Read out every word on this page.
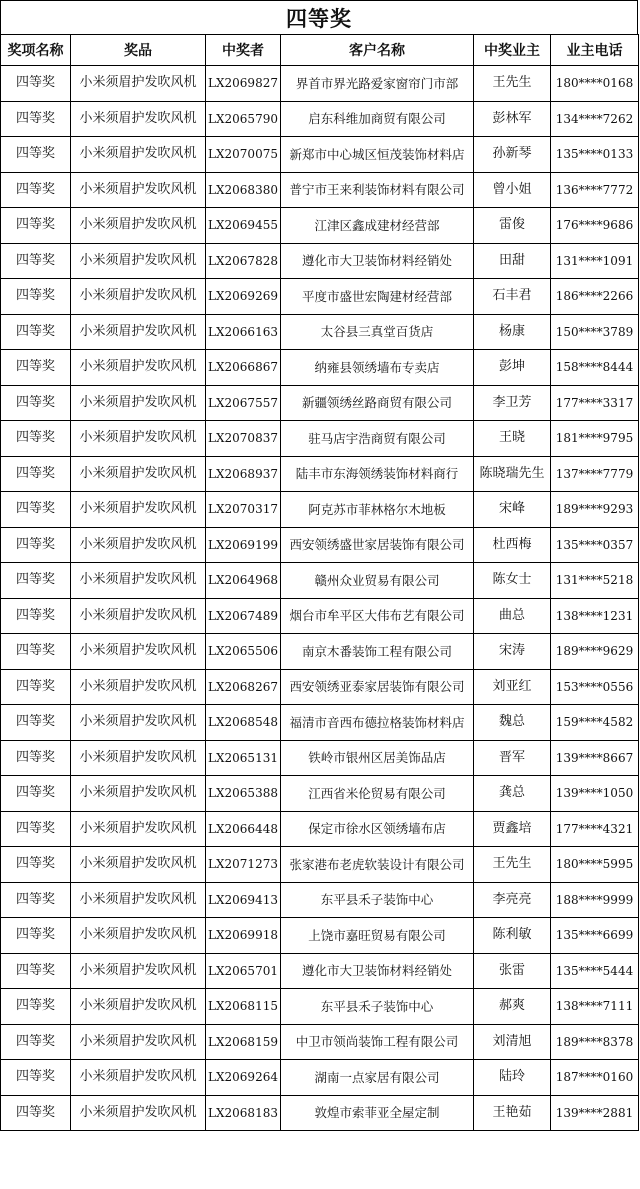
四等奖
奖项名称	奖品	中奖者	客户名称	中奖业主	业主电话
四等奖	小米须眉护发吹风机	LX2069827	界首市界光路爱家窗帘门市部	王先生	180****0168
四等奖	小米须眉护发吹风机	LX2065790	启东科维加商贸有限公司	彭林军	134****7262
四等奖	小米须眉护发吹风机	LX2070075	新郑市中心城区恒茂装饰材料店	孙新琴	135****0133
四等奖	小米须眉护发吹风机	LX2068380	普宁市王来利装饰材料有限公司	曾小姐	136****7772
四等奖	小米须眉护发吹风机	LX2069455	江津区鑫成建材经营部	雷俊	176****9686
四等奖	小米须眉护发吹风机	LX2067828	遵化市大卫装饰材料经销处	田甜	131****1091
四等奖	小米须眉护发吹风机	LX2069269	平度市盛世宏陶建材经营部	石丰君	186****2266
四等奖	小米须眉护发吹风机	LX2066163	太谷县三真堂百货店	杨康	150****3789
四等奖	小米须眉护发吹风机	LX2066867	纳雍县领绣墙布专卖店	彭坤	158****8444
四等奖	小米须眉护发吹风机	LX2067557	新疆领绣丝路商贸有限公司	李卫芳	177****3317
四等奖	小米须眉护发吹风机	LX2070837	驻马店宇浩商贸有限公司	王晓	181****9795
四等奖	小米须眉护发吹风机	LX2068937	陆丰市东海领绣装饰材料商行	陈晓瑞先生	137****7779
四等奖	小米须眉护发吹风机	LX2070317	阿克苏市菲林格尔木地板	宋峰	189****9293
四等奖	小米须眉护发吹风机	LX2069199	西安领绣盛世家居装饰有限公司	杜西梅	135****0357
四等奖	小米须眉护发吹风机	LX2064968	赣州众业贸易有限公司	陈女士	131****5218
四等奖	小米须眉护发吹风机	LX2067489	烟台市牟平区大伟布艺有限公司	曲总	138****1231
四等奖	小米须眉护发吹风机	LX2065506	南京木番装饰工程有限公司	宋涛	189****9629
四等奖	小米须眉护发吹风机	LX2068267	西安领绣亚泰家居装饰有限公司	刘亚红	153****0556
四等奖	小米须眉护发吹风机	LX2068548	福清市音西布德拉格装饰材料店	魏总	159****4582
四等奖	小米须眉护发吹风机	LX2065131	铁岭市银州区居美饰品店	晋军	139****8667
四等奖	小米须眉护发吹风机	LX2065388	江西省米伦贸易有限公司	龚总	139****1050
四等奖	小米须眉护发吹风机	LX2066448	保定市徐水区领绣墙布店	贾鑫培	177****4321
四等奖	小米须眉护发吹风机	LX2071273	张家港布老虎软装设计有限公司	王先生	180****5995
四等奖	小米须眉护发吹风机	LX2069413	东平县禾子装饰中心	李亮亮	188****9999
四等奖	小米须眉护发吹风机	LX2069918	上饶市嘉旺贸易有限公司	陈利敏	135****6699
四等奖	小米须眉护发吹风机	LX2065701	遵化市大卫装饰材料经销处	张雷	135****5444
四等奖	小米须眉护发吹风机	LX2068115	东平县禾子装饰中心	郝爽	138****7111
四等奖	小米须眉护发吹风机	LX2068159	中卫市领尚装饰工程有限公司	刘清旭	189****8378
四等奖	小米须眉护发吹风机	LX2069264	湖南一点家居有限公司	陆玲	187****0160
四等奖	小米须眉护发吹风机	LX2068183	敦煌市索菲亚全屋定制	王艳茹	139****2881
